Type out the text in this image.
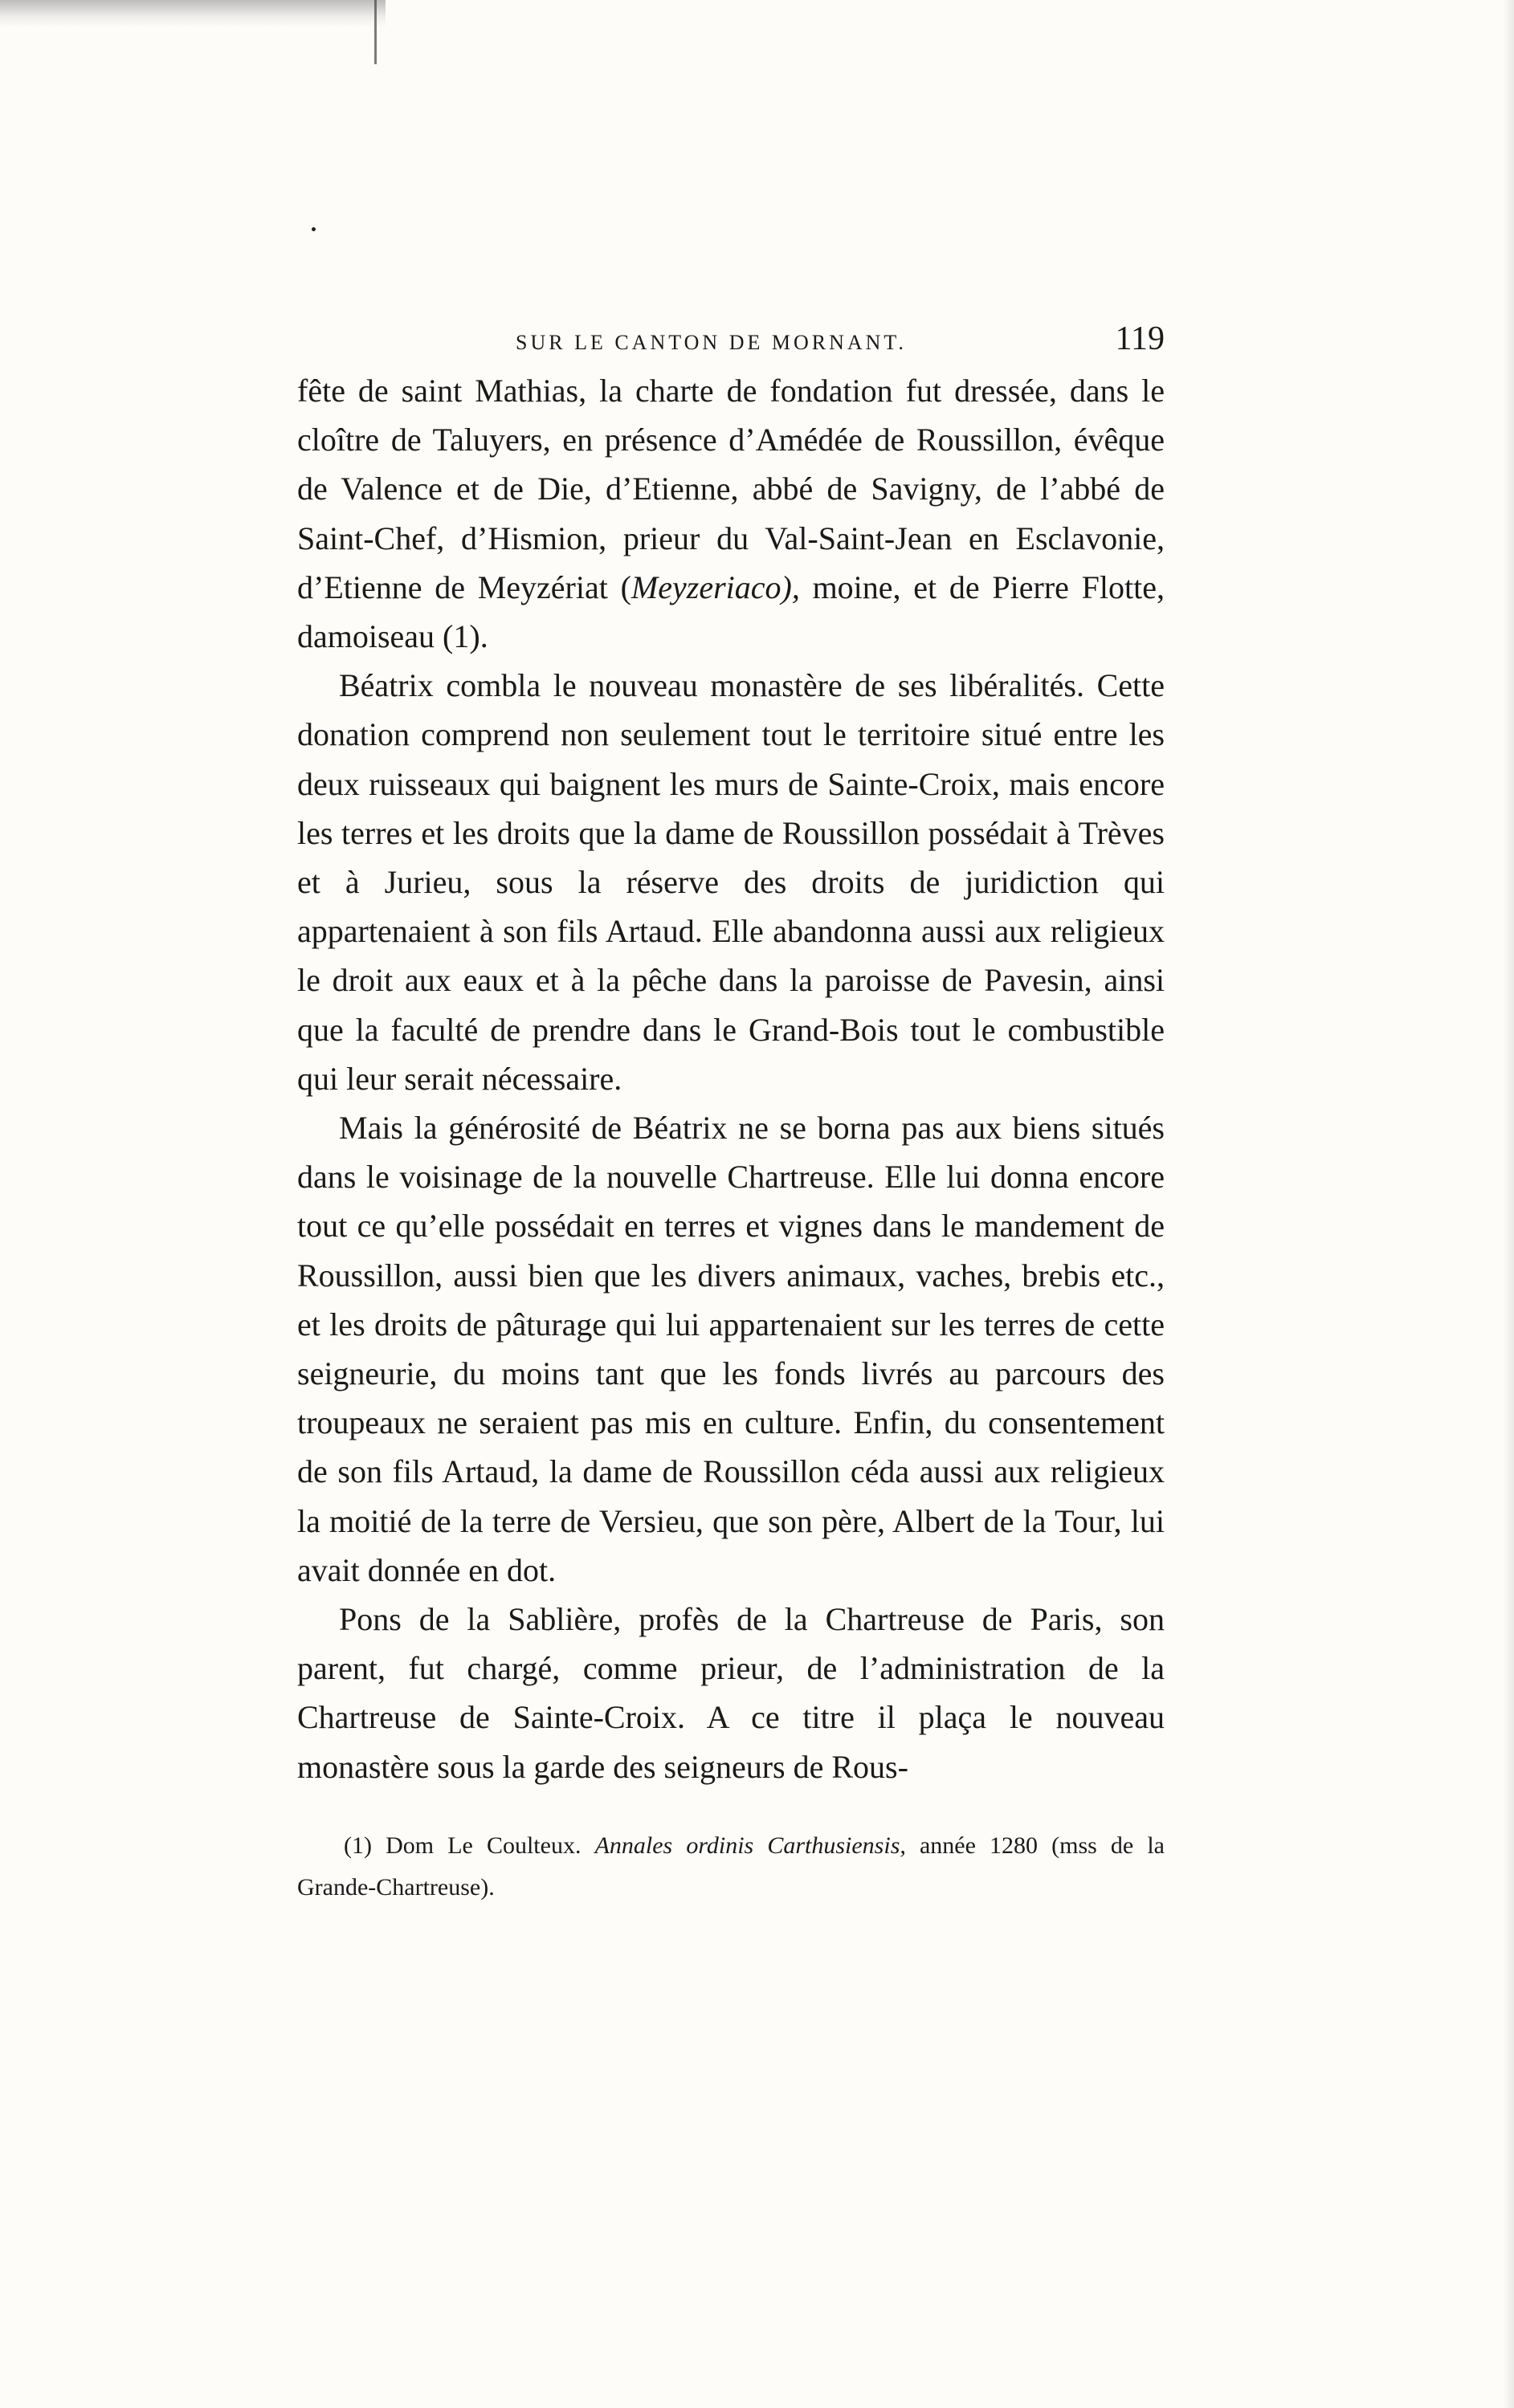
SUR LE CANTON DE MORNANT.	119

fête de saint Mathias, la charte de fondation fut dressée, dans le cloître de Taluyers, en présence d’Amédée de Roussillon, évêque de Valence et de Die, d’Etienne, abbé de Savigny, de l’abbé de Saint-Chef, d’Hismion, prieur du Val-Saint-Jean en Esclavonie, d’Etienne de Meyzériat (Meyzeriaco), moine, et de Pierre Flotte, damoiseau (1).

Béatrix combla le nouveau monastère de ses libéralités. Cette donation comprend non seulement tout le territoire situé entre les deux ruisseaux qui baignent les murs de Sainte-Croix, mais encore les terres et les droits que la dame de Roussillon possédait à Trèves et à Jurieu, sous la réserve des droits de juridiction qui appartenaient à son fils Artaud. Elle abandonna aussi aux religieux le droit aux eaux et à la pêche dans la paroisse de Pavesin, ainsi que la faculté de prendre dans le Grand-Bois tout le combustible qui leur serait nécessaire.

Mais la générosité de Béatrix ne se borna pas aux biens situés dans le voisinage de la nouvelle Chartreuse. Elle lui donna encore tout ce qu’elle possédait en terres et vignes dans le mandement de Roussillon, aussi bien que les divers animaux, vaches, brebis etc., et les droits de pâturage qui lui appartenaient sur les terres de cette seigneurie, du moins tant que les fonds livrés au parcours des troupeaux ne seraient pas mis en culture. Enfin, du consentement de son fils Artaud, la dame de Roussillon céda aussi aux religieux la moitié de la terre de Versieu, que son père, Albert de la Tour, lui avait donnée en dot.

Pons de la Sablière, profès de la Chartreuse de Paris, son parent, fut chargé, comme prieur, de l’administration de la Chartreuse de Sainte-Croix. A ce titre il plaça le nouveau monastère sous la garde des seigneurs de Rous-

(1) Dom Le Coulteux. Annales ordinis Carthusiensis, année 1280 (mss de la Grande-Chartreuse).
